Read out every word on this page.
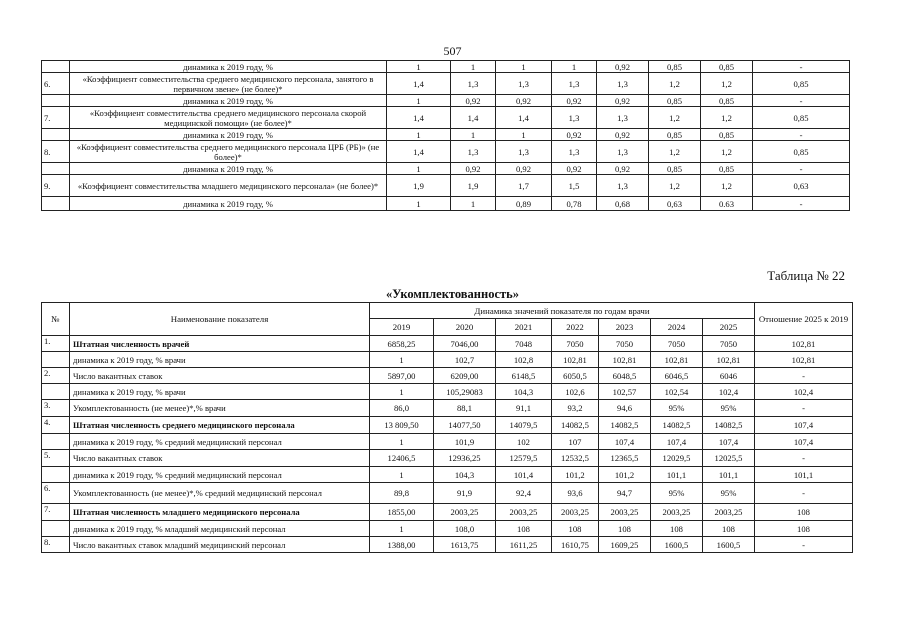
507
	динамика к 2019 году, %	1	1	1	1	0,92	0,85	0,85	-
6.	«Коэффициент совместительства среднего медицинского персонала, занятого в первичном звене» (не более)*	1,4	1,3	1,3	1,3	1,3	1,2	1,2	0,85
	динамика к 2019 году, %	1	0,92	0,92	0,92	0,92	0,85	0,85	-
7.	«Коэффициент совместительства среднего медицинского персонала скорой медицинской помощи» (не более)*	1,4	1,4	1,4	1,3	1,3	1,2	1,2	0,85
	динамика к 2019 году, %	1	1	1	0,92	0,92	0,85	0,85	-
8.	«Коэффициент совместительства среднего медицинского персонала ЦРБ (РБ)» (не более)*	1,4	1,3	1,3	1,3	1,3	1,2	1,2	0,85
	динамика к 2019 году, %	1	0,92	0,92	0,92	0,92	0,85	0,85	-
9.	«Коэффициент совместительства младшего медицинского персонала» (не более)*	1,9	1,9	1,7	1,5	1,3	1,2	1,2	0,63
	динамика к 2019 году, %	1	1	0,89	0,78	0,68	0,63	0.63	-
Таблица № 22
«Укомплектованность»
№	Наименование показателя	Динамика значений показателя по годам врачи							Отношение 2025 к 2019
		2019	2020	2021	2022	2023	2024	2025	
1.	Штатная численность врачей	6858,25	7046,00	7048	7050	7050	7050	7050	102,81
	динамика к 2019 году, % врачи	1	102,7	102,8	102,81	102,81	102,81	102,81	102,81
2.	Число вакантных ставок	5897,00	6209,00	6148,5	6050,5	6048,5	6046,5	6046	-
	динамика к 2019 году, % врачи	1	105,29083	104,3	102,6	102,57	102,54	102,4	102,4
3.	Укомплектованность (не менее)*,% врачи	86,0	88,1	91,1	93,2	94,6	95%	95%	-
4.	Штатная численность среднего медицинского персонала	13 809,50	14077,50	14079,5	14082,5	14082,5	14082,5	14082,5	107,4
	динамика к 2019 году, % средний медицинский персонал	1	101,9	102	107	107,4	107,4	107,4	107,4
5.	Число вакантных ставок	12406,5	12936,25	12579,5	12532,5	12365,5	12029,5	12025,5	-
	динамика к 2019 году, % средний медицинский персонал	1	104,3	101,4	101,2	101,2	101,1	101,1	101,1
6.	Укомплектованность (не менее)*,% средний медицинский персонал	89,8	91,9	92,4	93,6	94,7	95%	95%	-
7.	Штатная численность младшего медицинского персонала	1855,00	2003,25	2003,25	2003,25	2003,25	2003,25	2003,25	108
	динамика к 2019 году, % младший медицинский персонал	1	108,0	108	108	108	108	108	108
8.	Число вакантных ставок младший медицинский персонал	1388,00	1613,75	1611,25	1610,75	1609,25	1600,5	1600,5	-
